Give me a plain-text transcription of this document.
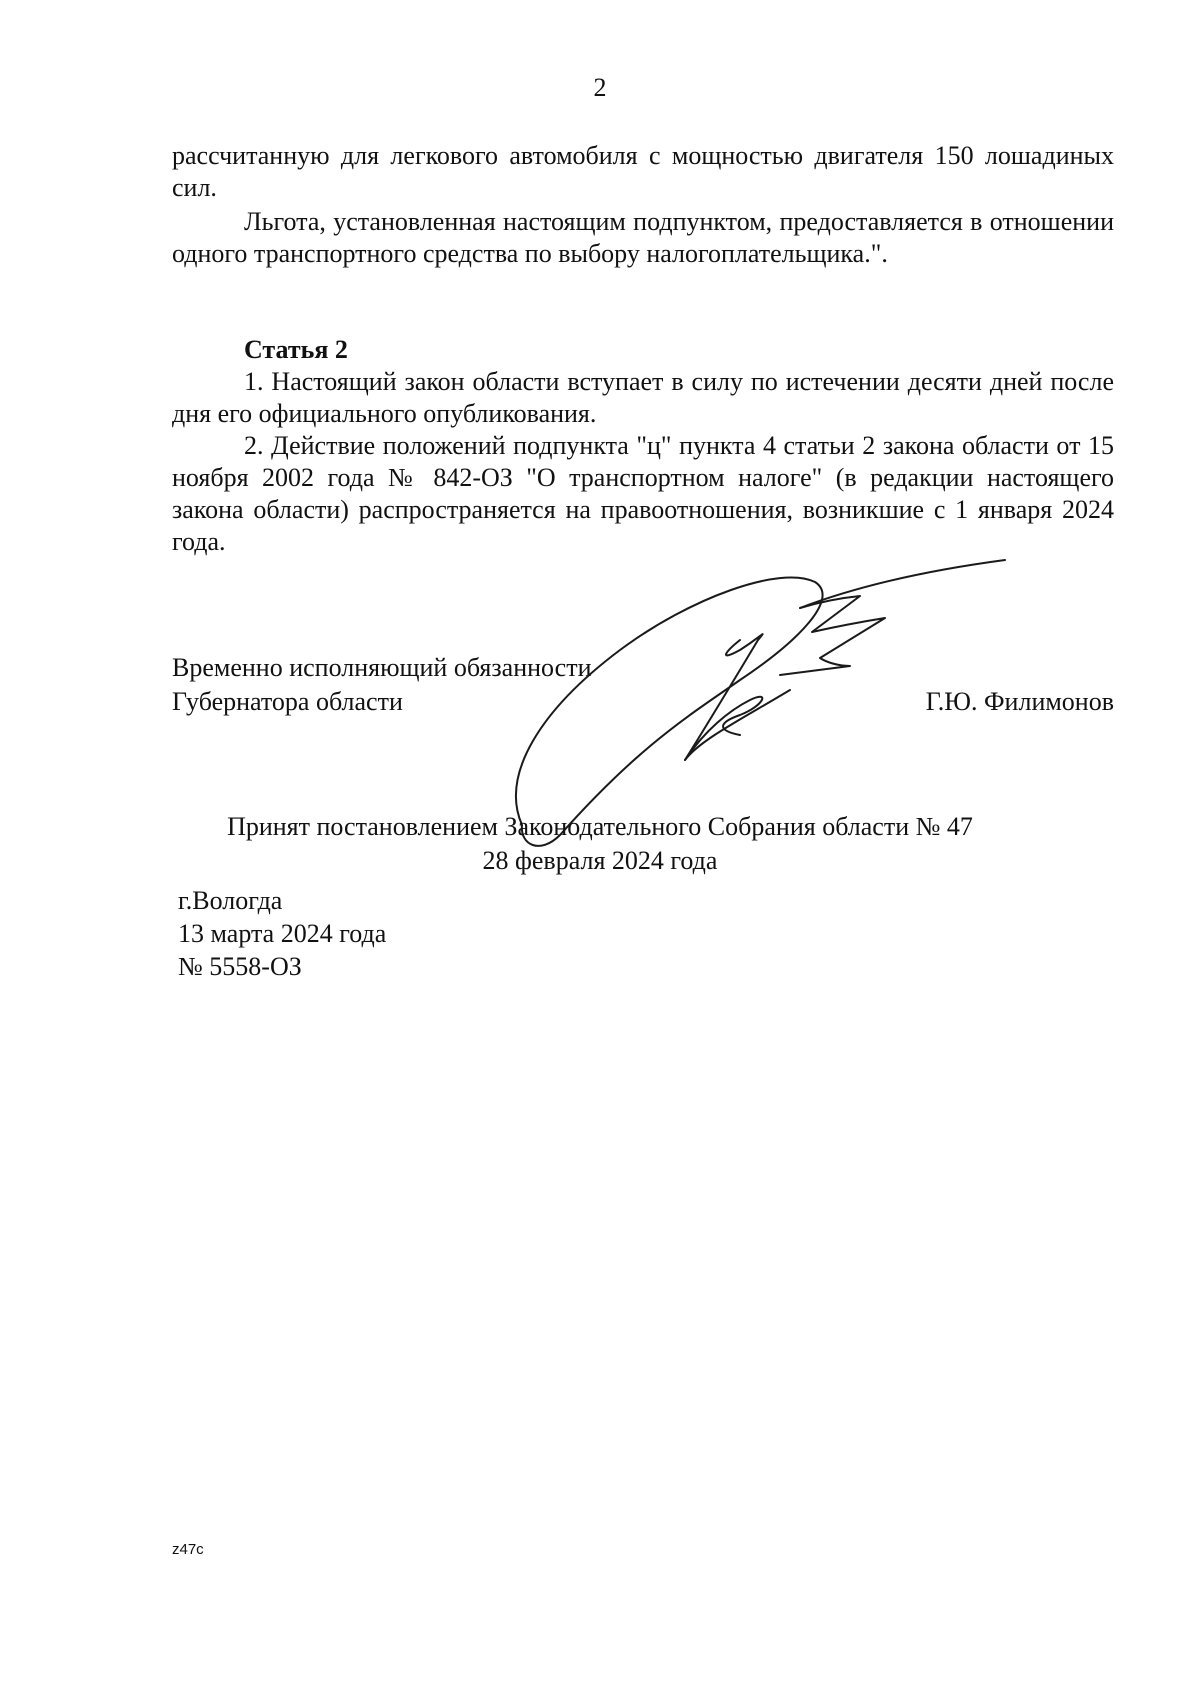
2

рассчитанную для легкового автомобиля с мощностью двигателя 150 лошадиных сил.

Льгота, установленная настоящим подпунктом, предоставляется в отношении одного транспортного средства по выбору налогоплательщика.".

Статья 2

1. Настоящий закон области вступает в силу по истечении десяти дней после дня его официального опубликования.

2. Действие положений подпункта "ц" пункта 4 статьи 2 закона области от 15 ноября 2002 года № 842-ОЗ "О транспортном налоге" (в редакции настоящего закона области) распространяется на правоотношения, возникшие с 1 января 2024 года.

Временно исполняющий обязанности
Губернатора области	Г.Ю. Филимонов
Принят постановлением Законодательного Собрания области № 47
28 февраля 2024 года
г.Вологда
13 марта 2024 года
№ 5558-ОЗ
z47c
